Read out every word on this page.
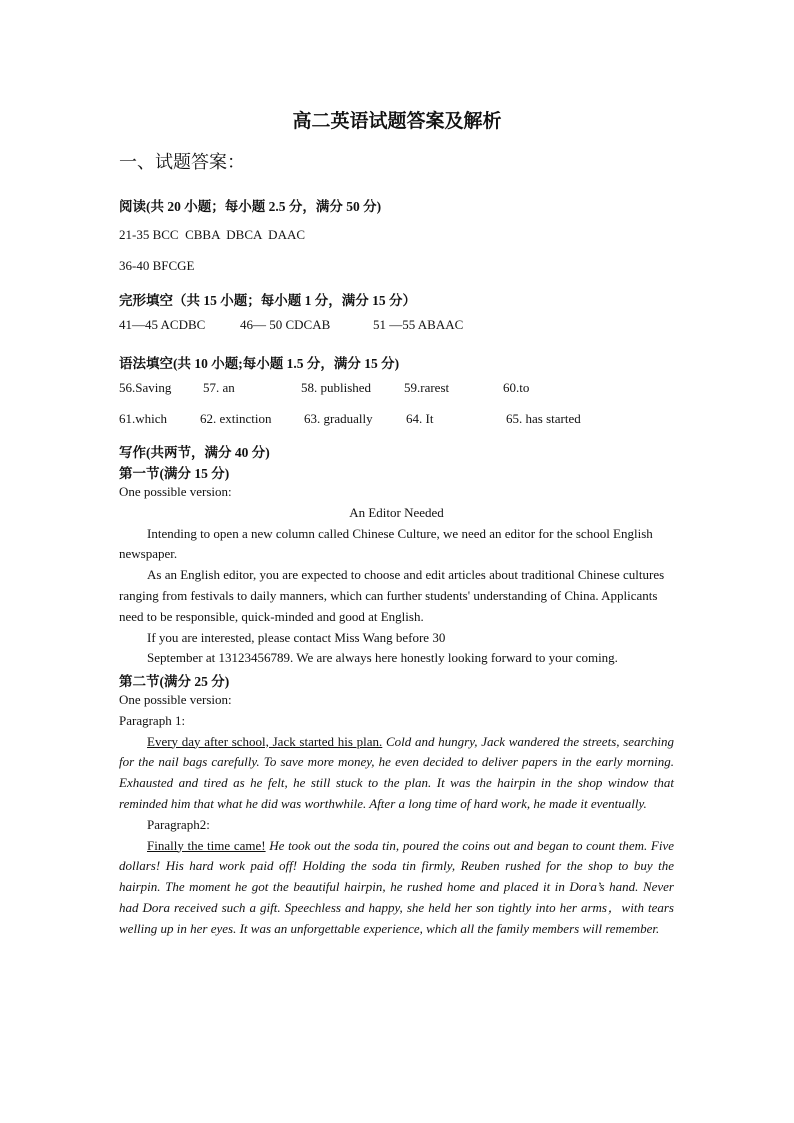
高二英语试题答案及解析
一、试题答案：
阅读(共 20 小题；每小题 2.5 分，满分 50 分)
21-35 BCC  CBBA  DBCA  DAAC
36-40 BFCGE
完形填空（共 15 小题；每小题 1 分，满分 15 分）
41—45 ACDBC	46— 50 CDCAB	51 —55 ABAAC
语法填空(共 10 小题;每小题 1.5 分，满分 15 分)
56.Saving 57. an	58. published	59.rarest	60.to
61.which	62. extinction	63. gradually	64. It	65. has started
写作(共两节，满分 40 分)
第一节(满分 15 分)

One possible version:

An Editor Needed

Intending to open a new column called Chinese Culture, we need an editor for the school English newspaper.

As an English editor, you are expected to choose and edit articles about traditional Chinese cultures ranging from festivals to daily manners, which can further students' understanding of China. Applicants need to be responsible, quick-minded and good at English.

If you are interested, please contact Miss Wang before 30

September at 13123456789. We are always here honestly looking forward to your coming.

第二节(满分 25 分)

One possible version:

Paragraph 1:

Every day after school, Jack started his plan. Cold and hungry, Jack wandered the streets, searching for the nail bags carefully. To save more money, he even decided to deliver papers in the early morning. Exhausted and tired as he felt, he still stuck to the plan. It was the hairpin in the shop window that reminded him that what he did was worthwhile. After a long time of hard work, he made it eventually.

Paragraph2:

Finally the time came! He took out the soda tin, poured the coins out and began to count them. Five dollars! His hard work paid off! Holding the soda tin firmly, Reuben rushed for the shop to buy the hairpin. The moment he got the beautiful hairpin, he rushed home and placed it in Dora’s hand. Never had Dora received such a gift. Speechless and happy, she held her son tightly into her arms，with tears welling up in her eyes. It was an unforgettable experience, which all the family members will remember.
